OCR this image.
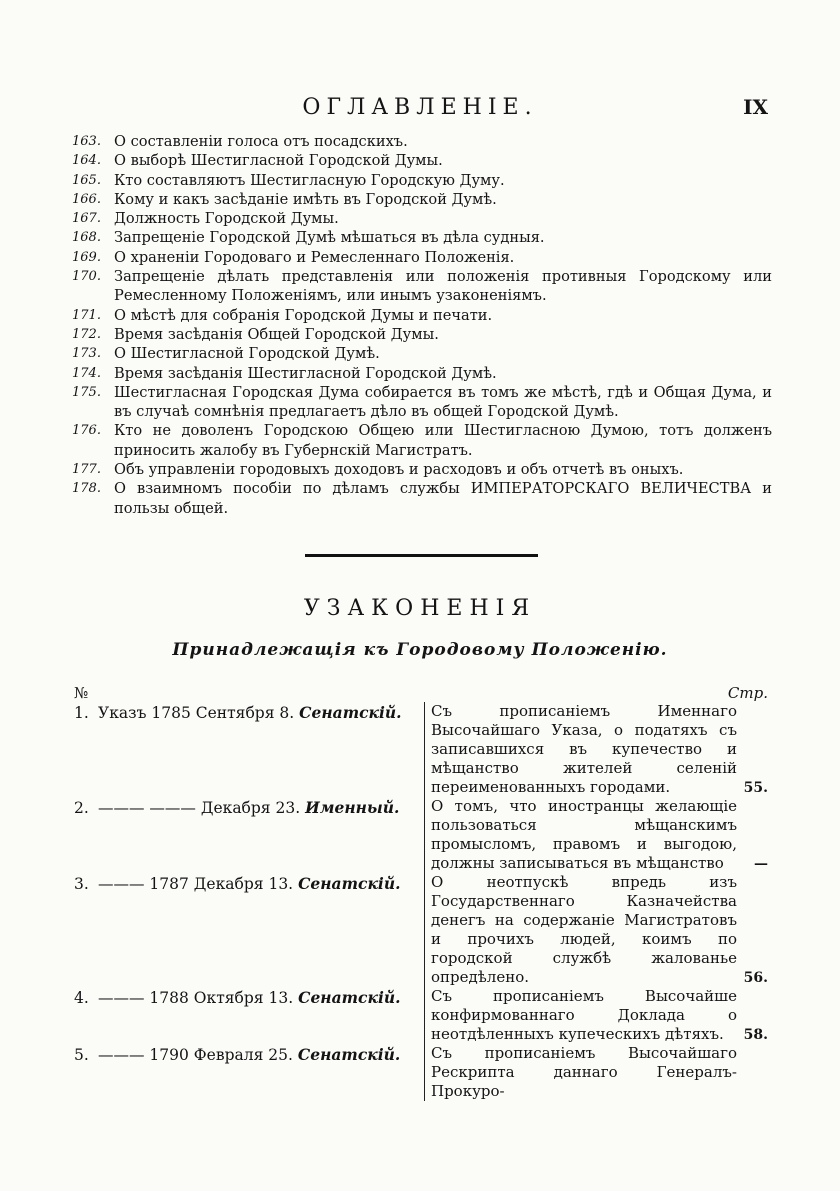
ОГЛАВЛЕНІЕ.	IX
163. О составленіи голоса отъ посадскихъ.
164. О выборѣ Шестигласной Городской Думы.
165. Кто составляютъ Шестигласную Городскую Думу.
166. Кому и какъ засѣданіе имѣть въ Городской Думѣ.
167. Должность Городской Думы.
168. Запрещеніе Городской Думѣ мѣшаться въ дѣла судныя.
169. О храненіи Городоваго и Ремесленнаго Положенія.
170. Запрещеніе дѣлать представленія или положенія противныя Городскому или Ремесленному Положеніямъ, или инымъ узаконеніямъ.
171. О мѣстѣ для собранія Городской Думы и печати.
172. Время засѣданія Общей Городской Думы.
173. О Шестигласной Городской Думѣ.
174. Время засѣданія Шестигласной Городской Думѣ.
175. Шестигласная Городская Дума собирается въ томъ же мѣстѣ, гдѣ и Общая Дума, и въ случаѣ сомнѣнія предлагаетъ дѣло въ общей Городской Думѣ.
176. Кто не доволенъ Городскою Общею или Шестигласною Думою, тотъ долженъ приносить жалобу въ Губернскій Магистратъ.
177. Объ управленіи городовыхъ доходовъ и расходовъ и объ отчетѣ въ оныхъ.
178. О взаимномъ пособіи по дѣламъ службы ИМПЕРАТОРСКАГО ВЕЛИЧЕСТВА и пользы общей.
УЗАКОНЕНІЯ
Принадлежащія къ Городовому Положенію.
№	Стр.
1. Указъ 1785 Сентября 8. Сенатскій.	Съ прописаніемъ Именнаго Высочайшаго Указа, о податяхъ съ записавшихся въ купечество и мѣщанство жителей селеній переименованныхъ городами.	55.
2. ——— ——— Декабря 23. Именный.	О томъ, что иностранцы желающіе пользоваться мѣщанскимъ промысломъ, правомъ и выгодою, должны записываться въ мѣщанство	—
3. ——— 1787 Декабря 13. Сенатскій.	О неотпускѣ впредь изъ Государственнаго Казначейства денегъ на содержаніе Магистратовъ и прочихъ людей, коимъ по городской службѣ жалованье опредѣлено.	56.
4. ——— 1788 Октября 13. Сенатскій.	Съ прописаніемъ Высочайше конфирмованнаго Доклада о неотдѣленныхъ купеческихъ дѣтяхъ.	58.
5. ——— 1790 Февраля 25. Сенатскій.	Съ прописаніемъ Высочайшаго Рескрипта даннаго Генералъ-Прокуро-
